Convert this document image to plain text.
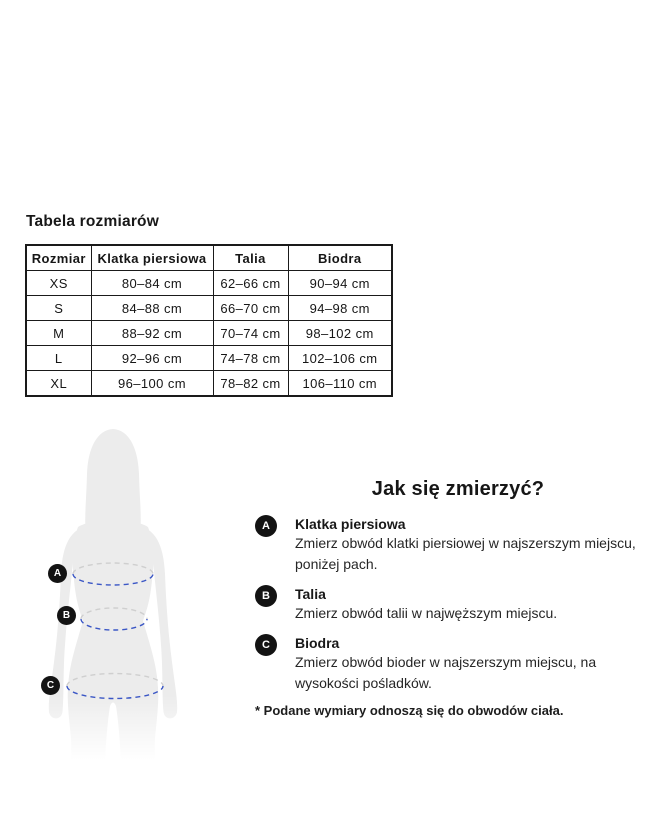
Tabela rozmiarów
Rozmiar	Klatka piersiowa	Talia	Biodra
XS	80–84 cm	62–66 cm	90–94 cm
S	84–88 cm	66–70 cm	94–98 cm
M	88–92 cm	70–74 cm	98–102 cm
L	92–96 cm	74–78 cm	102–106 cm
XL	96–100 cm	78–82 cm	106–110 cm
A
B
C
Jak się zmierzyć?
A	Klatka piersiowa
Zmierz obwód klatki piersiowej w najszerszym miejscu, poniżej pach.
B	Talia
Zmierz obwód talii w najwęższym miejscu.
C	Biodra
Zmierz obwód bioder w najszerszym miejscu, na wysokości pośladków.
* Podane wymiary odnoszą się do obwodów ciała.
